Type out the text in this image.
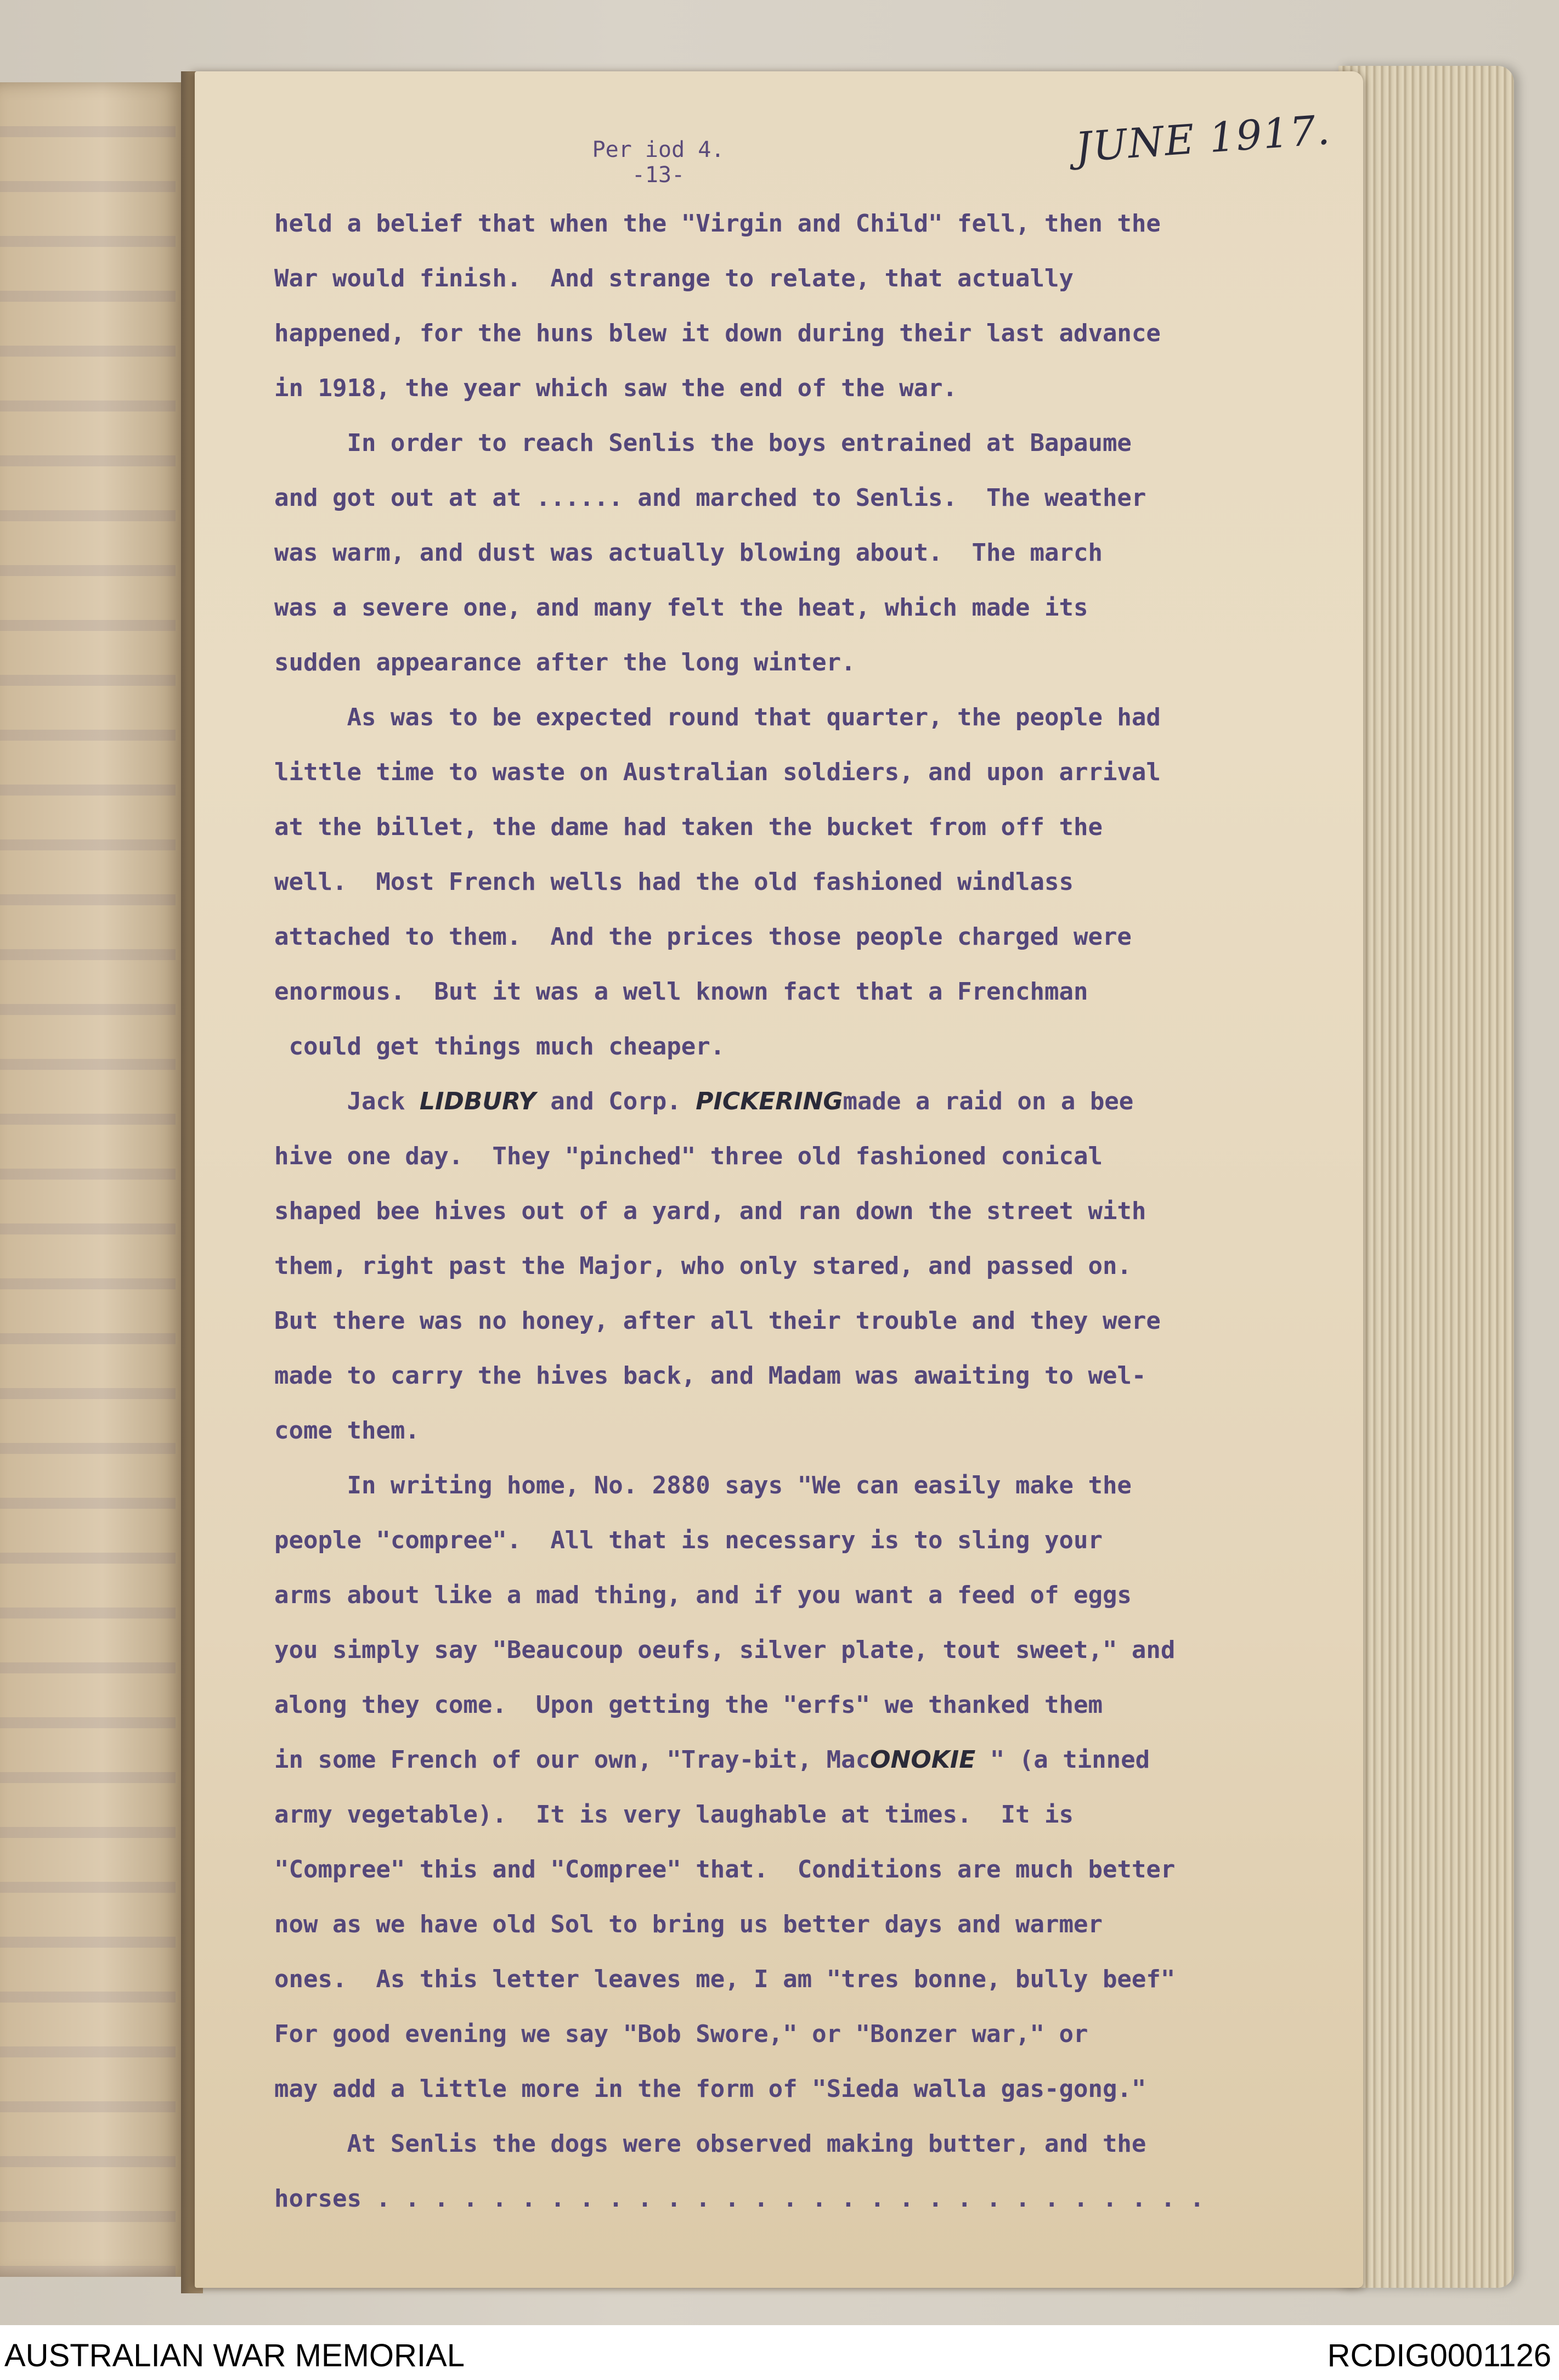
JUNE 1917.
Per iod 4.
-13-
held a belief that when the "Virgin and Child" fell, then the
War would finish.  And strange to relate, that actually
happened, for the huns blew it down during their last advance
in 1918, the year which saw the end of the war.
In order to reach Senlis the boys entrained at Bapaume
and got out at at ...... and marched to Senlis.  The weather
was warm, and dust was actually blowing about.  The march
was a severe one, and many felt the heat, which made its
sudden appearance after the long winter.
As was to be expected round that quarter, the people had
little time to waste on Australian soldiers, and upon arrival
at the billet, the dame had taken the bucket from off the
well.  Most French wells had the old fashioned windlass
attached to them.  And the prices those people charged were
enormous.  But it was a well known fact that a Frenchman
could get things much cheaper.
Jack LIDBURY and Corp. PICKERINGmade a raid on a bee
hive one day.  They "pinched" three old fashioned conical
shaped bee hives out of a yard, and ran down the street with
them, right past the Major, who only stared, and passed on.
But there was no honey, after all their trouble and they were
made to carry the hives back, and Madam was awaiting to wel-
come them.
In writing home, No. 2880 says "We can easily make the
people "compree".  All that is necessary is to sling your
arms about like a mad thing, and if you want a feed of eggs
you simply say "Beaucoup oeufs, silver plate, tout sweet," and
along they come.  Upon getting the "erfs" we thanked them
in some French of our own, "Tray-bit, MacONOKIE " (a tinned
army vegetable).  It is very laughable at times.  It is
"Compree" this and "Compree" that.  Conditions are much better
now as we have old Sol to bring us better days and warmer
ones.  As this letter leaves me, I am "tres bonne, bully beef"
For good evening we say "Bob Swore," or "Bonzer war," or
may add a little more in the form of "Sieda walla gas-gong."
At Senlis the dogs were observed making butter, and the
horses . . . . . . . . . . . . . . . . . . . . . . . . . . . . .
AUSTRALIAN WAR MEMORIAL	RCDIG0001126
